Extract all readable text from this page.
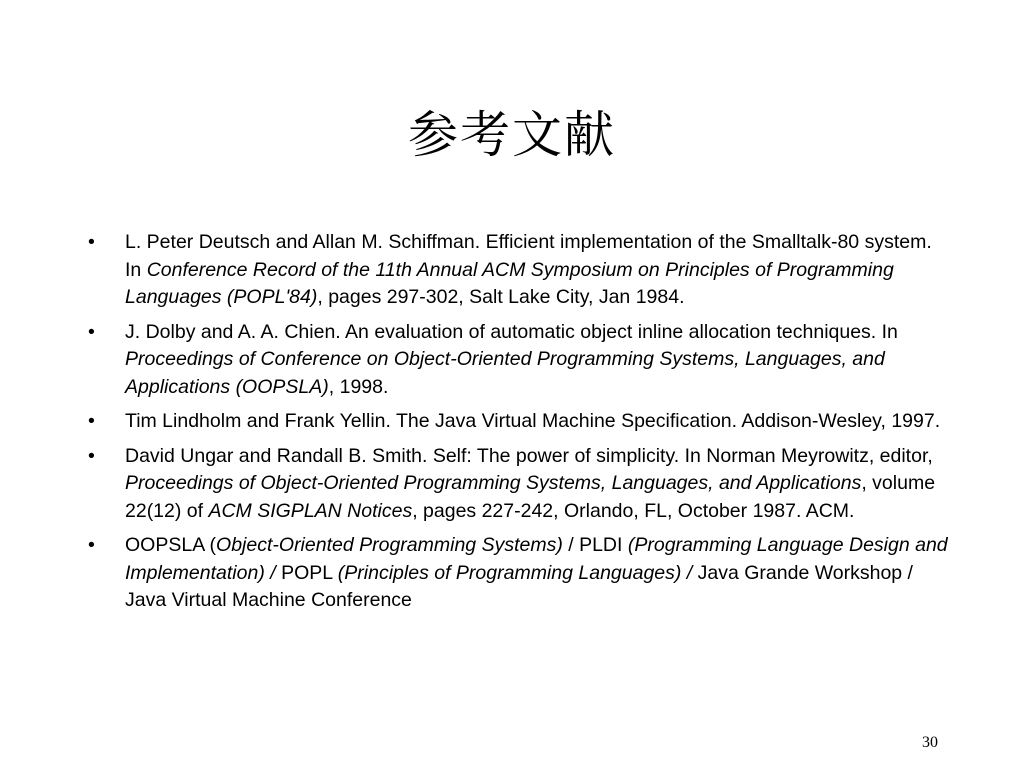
参考文献
• L. Peter Deutsch and Allan M. Schiffman. Efficient implementation of the Smalltalk-80 system. In Conference Record of the 11th Annual ACM Symposium on Principles of Programming Languages (POPL'84), pages 297-302, Salt Lake City, Jan 1984.
• J. Dolby and A. A. Chien. An evaluation of automatic object inline allocation techniques. In Proceedings of Conference on Object-Oriented Programming Systems, Languages, and Applications (OOPSLA), 1998.
• Tim Lindholm and Frank Yellin. The Java Virtual Machine Specification. Addison-Wesley, 1997.
• David Ungar and Randall B. Smith. Self: The power of simplicity. In Norman Meyrowitz, editor, Proceedings of Object-Oriented Programming Systems, Languages, and Applications, volume 22(12) of ACM SIGPLAN Notices, pages 227-242, Orlando, FL, October 1987. ACM.
• OOPSLA (Object-Oriented Programming Systems) / PLDI (Programming Language Design and Implementation) / POPL (Principles of Programming Languages) / Java Grande Workshop / Java Virtual Machine Conference
30
